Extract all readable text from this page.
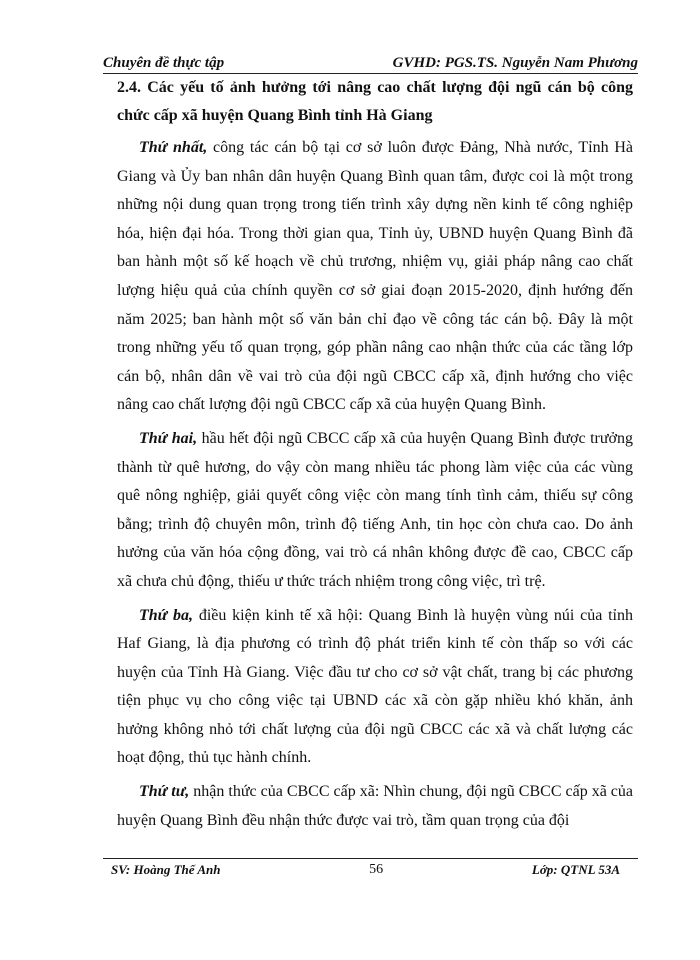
Chuyên đề thực tập	GVHD: PGS.TS. Nguyễn Nam Phương

2.4. Các yếu tố ảnh hưởng tới nâng cao chất lượng đội ngũ cán bộ công chức cấp xã huyện Quang Bình tỉnh Hà Giang

Thứ nhất, công tác cán bộ tại cơ sở luôn được Đảng, Nhà nước, Tỉnh Hà Giang và Ủy ban nhân dân huyện Quang Bình quan tâm, được coi là một trong những nội dung quan trọng trong tiến trình xây dựng nền kinh tế công nghiệp hóa, hiện đại hóa. Trong thời gian qua, Tỉnh ủy, UBND huyện Quang Bình đã ban hành một số kế hoạch về chủ trương, nhiệm vụ, giải pháp nâng cao chất lượng hiệu quả của chính quyền cơ sở giai đoạn 2015-2020, định hướng đến năm 2025; ban hành một số văn bản chỉ đạo về công tác cán bộ. Đây là một trong những yếu tố quan trọng, góp phần nâng cao nhận thức của các tầng lớp cán bộ, nhân dân về vai trò của đội ngũ CBCC cấp xã, định hướng cho việc nâng cao chất lượng đội ngũ CBCC cấp xã của huyện Quang Bình.

Thứ hai, hầu hết đội ngũ CBCC cấp xã của huyện Quang Bình được trưởng thành từ quê hương, do vậy còn mang nhiều tác phong làm việc của các vùng quê nông nghiệp, giải quyết công việc còn mang tính tình cảm, thiếu sự công bằng; trình độ chuyên môn, trình độ tiếng Anh, tin học còn chưa cao. Do ảnh hưởng của văn hóa cộng đồng, vai trò cá nhân không được đề cao, CBCC cấp xã chưa chủ động, thiếu ư thức trách nhiệm trong công việc, trì trệ.

Thứ ba, điều kiện kinh tế xã hội: Quang Bình là huyện vùng núi của tỉnh Haf Giang, là địa phương có trình độ phát triển kinh tế còn thấp so với các huyện của Tỉnh Hà Giang. Việc đầu tư cho cơ sở vật chất, trang bị các phương tiện phục vụ cho công việc tại UBND các xã còn gặp nhiều khó khăn, ảnh hưởng không nhỏ tới chất lượng của đội ngũ CBCC các xã và chất lượng các hoạt động, thủ tục hành chính.

Thứ tư, nhận thức của CBCC cấp xã: Nhìn chung, đội ngũ CBCC cấp xã của huyện Quang Bình đều nhận thức được vai trò, tầm quan trọng của đội

SV: Hoàng Thế Anh	56	Lớp: QTNL 53A
